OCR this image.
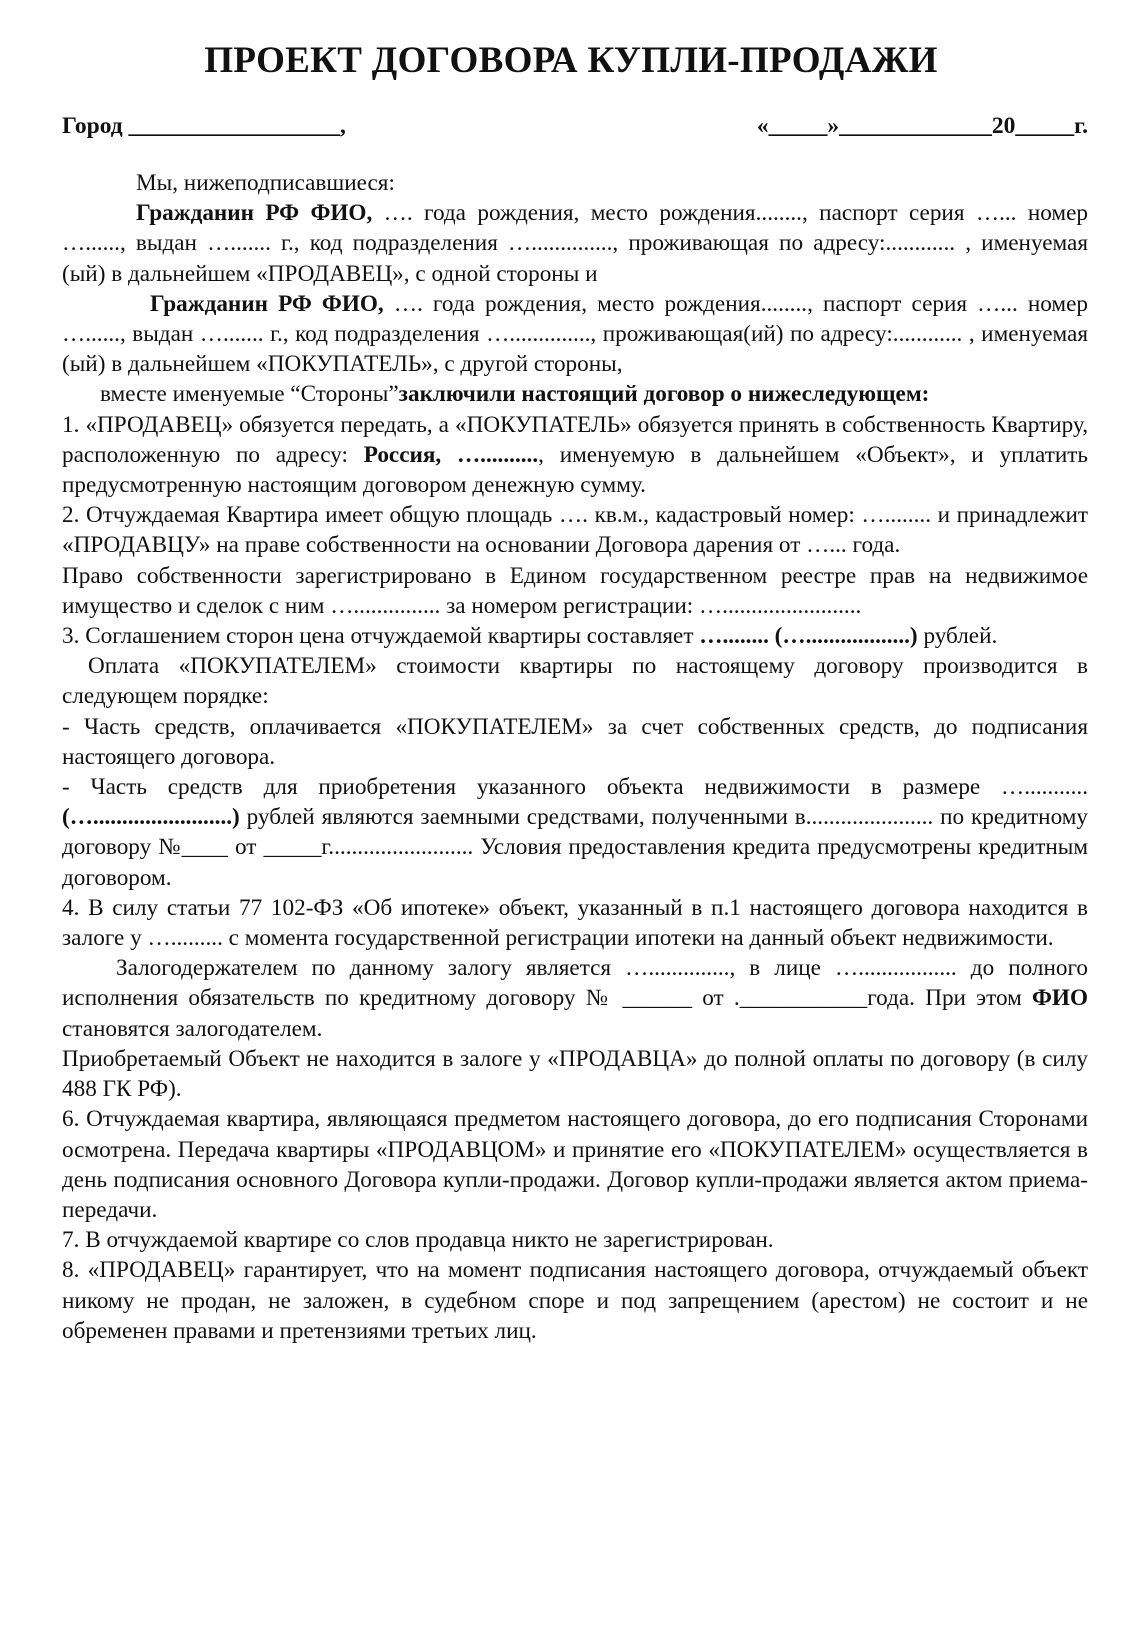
ПРОЕКТ ДОГОВОРА КУПЛИ-ПРОДАЖИ
Город __________________,	«_____»_____________20_____г.

Мы, нижеподписавшиеся:

Гражданин РФ ФИО, …. года рождения, место рождения........, паспорт серия …... номер …......, выдан …....... г., код подразделения ….............., проживающая по адресу:............ , именуемая (ый) в дальнейшем «ПРОДАВЕЦ», с одной стороны и

Гражданин РФ ФИО, …. года рождения, место рождения........, паспорт серия …... номер …......, выдан …....... г., код подразделения ….............., проживающая(ий) по адресу:............ , именуемая (ый) в дальнейшем «ПОКУПАТЕЛЬ», с другой стороны,

вместе именуемые “Стороны”заключили настоящий договор о нижеследующем:

1. «ПРОДАВЕЦ» обязуется передать, а «ПОКУПАТЕЛЬ» обязуется принять в собственность Квартиру, расположенную по адресу: Россия, ….........., именуемую в дальнейшем «Объект», и уплатить предусмотренную настоящим договором денежную сумму.

2. Отчуждаемая Квартира имеет общую площадь …. кв.м., кадастровый номер: …........ и принадлежит «ПРОДАВЦУ» на праве собственности на основании Договора дарения от …... года.

Право собственности зарегистрировано в Едином государственном реестре прав на недвижимое имущество и сделок с ним …............... за номером регистрации: …........................

3. Соглашением сторон цена отчуждаемой квартиры составляет …........ (…..................) рублей.

Оплата «ПОКУПАТЕЛЕМ» стоимости квартиры по настоящему договору производится в следующем порядке:

- Часть средств, оплачивается «ПОКУПАТЕЛЕМ» за счет собственных средств, до подписания настоящего договора.

- Часть средств для приобретения указанного объекта недвижимости в размере …........... (…........................) рублей являются заемными средствами, полученными в...................... по кредитному договору №____ от _____г......................... Условия предоставления кредита предусмотрены кредитным договором.

4. В силу статьи 77 102-ФЗ «Об ипотеке» объект, указанный в п.1 настоящего договора находится в залоге у …......... с момента государственной регистрации ипотеки на данный объект недвижимости.

Залогодержателем по данному залогу является ….............., в лице …................. до полного исполнения обязательств по кредитному договору № ______ от .___________года. При этом ФИО становятся залогодателем.

Приобретаемый Объект не находится в залоге у «ПРОДАВЦА» до полной оплаты по договору (в силу 488 ГК РФ).

6. Отчуждаемая квартира, являющаяся предметом настоящего договора, до его подписания Сторонами осмотрена. Передача квартиры «ПРОДАВЦОМ» и принятие его «ПОКУПАТЕЛЕМ» осуществляется в день подписания основного Договора купли-продажи. Договор купли-продажи является актом приема-передачи.

7. В отчуждаемой квартире со слов продавца никто не зарегистрирован.

8. «ПРОДАВЕЦ» гарантирует, что на момент подписания настоящего договора, отчуждаемый объект никому не продан, не заложен, в судебном споре и под запрещением (арестом) не состоит и не обременен правами и претензиями третьих лиц.
